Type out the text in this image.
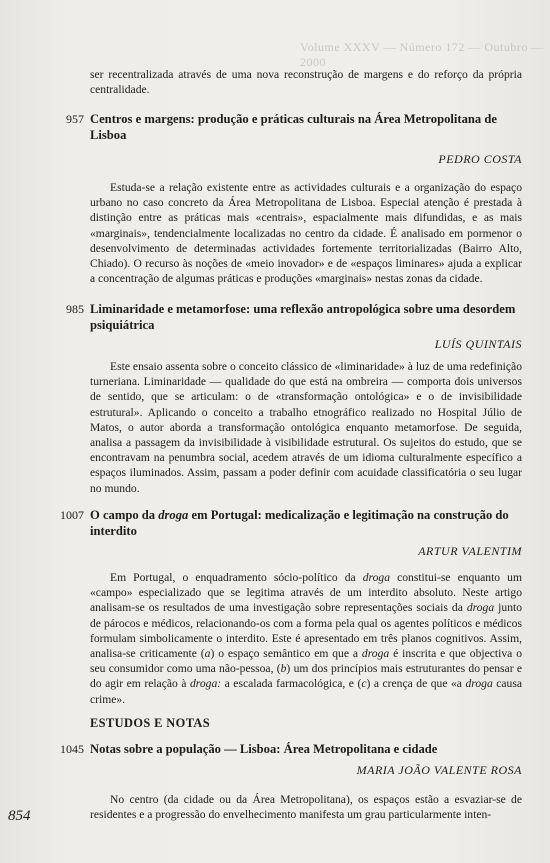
Volume XXXV — Número 172 — Outubro — 2000

ser recentralizada através de uma nova reconstrução de margens e do reforço da própria centralidade.

957 Centros e margens: produção e práticas culturais na Área Metropolitana de Lisboa

PEDRO COSTA

Estuda-se a relação existente entre as actividades culturais e a organização do espaço urbano no caso concreto da Área Metropolitana de Lisboa. Especial atenção é prestada à distinção entre as práticas mais «centrais», espacialmente mais difundidas, e as mais «marginais», tendencialmente localizadas no centro da cidade. É analisado em pormenor o desenvolvimento de determinadas actividades fortemente territorializadas (Bairro Alto, Chiado). O recurso às noções de «meio inovador» e de «espaços liminares» ajuda a explicar a concentração de algumas práticas e produções «marginais» nestas zonas da cidade.

985 Liminaridade e metamorfose: uma reflexão antropológica sobre uma desordem psiquiátrica

LUÍS QUINTAIS

Este ensaio assenta sobre o conceito clássico de «liminaridade» à luz de uma redefinição turneriana. Liminaridade — qualidade do que está na ombreira — comporta dois universos de sentido, que se articulam: o de «transformação ontológica» e o de invisibilidade estrutural». Aplicando o conceito a trabalho etnográfico realizado no Hospital Júlio de Matos, o autor aborda a transformação ontológica enquanto metamorfose. De seguida, analisa a passagem da invisibilidade à visibilidade estrutural. Os sujeitos do estudo, que se encontravam na penumbra social, acedem através de um idioma culturalmente específico a espaços iluminados. Assim, passam a poder definir com acuidade classificatória o seu lugar no mundo.

1007 O campo da droga em Portugal: medicalização e legitimação na construção do interdito

ARTUR VALENTIM

Em Portugal, o enquadramento sócio-político da droga constitui-se enquanto um «campo» especializado que se legitima através de um interdito absoluto. Neste artigo analisam-se os resultados de uma investigação sobre representações sociais da droga junto de párocos e médicos, relacionando-os com a forma pela qual os agentes políticos e médicos formulam simbolicamente o interdito. Este é apresentado em três planos cognitivos. Assim, analisa-se criticamente (a) o espaço semântico em que a droga é inscrita e que objectiva o seu consumidor como uma não-pessoa, (b) um dos princípios mais estruturantes do pensar e do agir em relação à droga: a escalada farmacológica, e (c) a crença de que «a droga causa crime».

ESTUDOS E NOTAS
1045 Notas sobre a população — Lisboa: Área Metropolitana e cidade

MARIA JOÃO VALENTE ROSA

No centro (da cidade ou da Área Metropolitana), os espaços estão a esvaziar-se de residentes e a progressão do envelhecimento manifesta um grau particularmente inten-

854
